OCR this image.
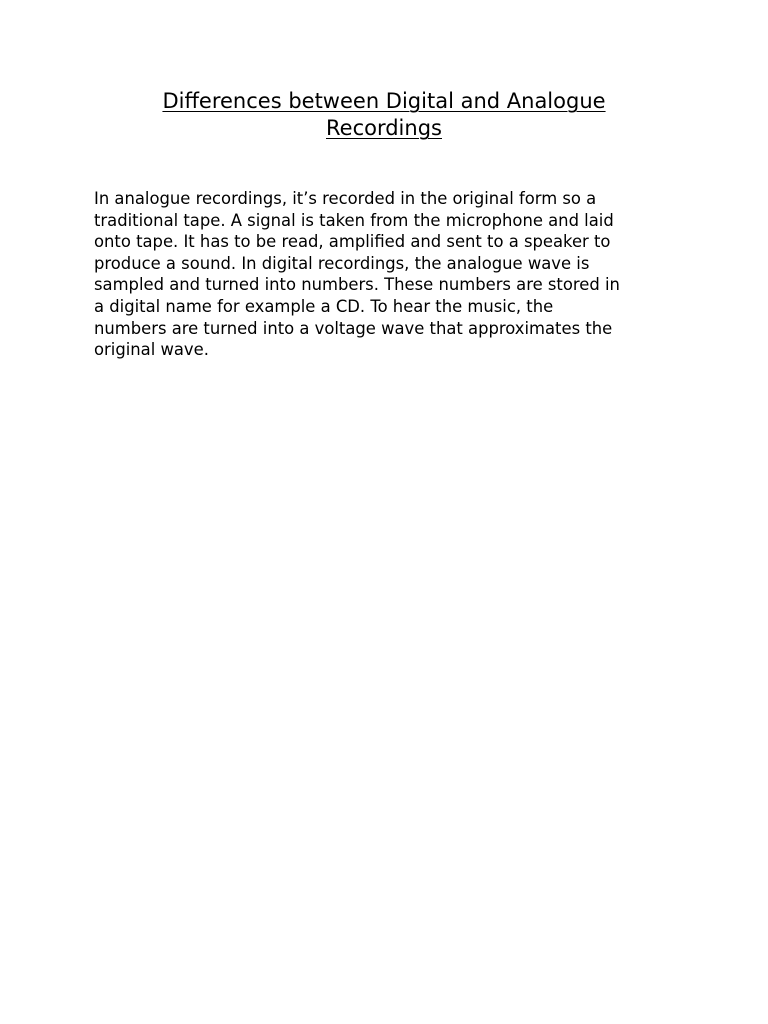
Differences between Digital and Analogue
Recordings

In analogue recordings, it’s recorded in the original form so a
traditional tape. A signal is taken from the microphone and laid
onto tape. It has to be read, amplified and sent to a speaker to
produce a sound. In digital recordings, the analogue wave is
sampled and turned into numbers. These numbers are stored in
a digital name for example a CD. To hear the music, the
numbers are turned into a voltage wave that approximates the
original wave.
